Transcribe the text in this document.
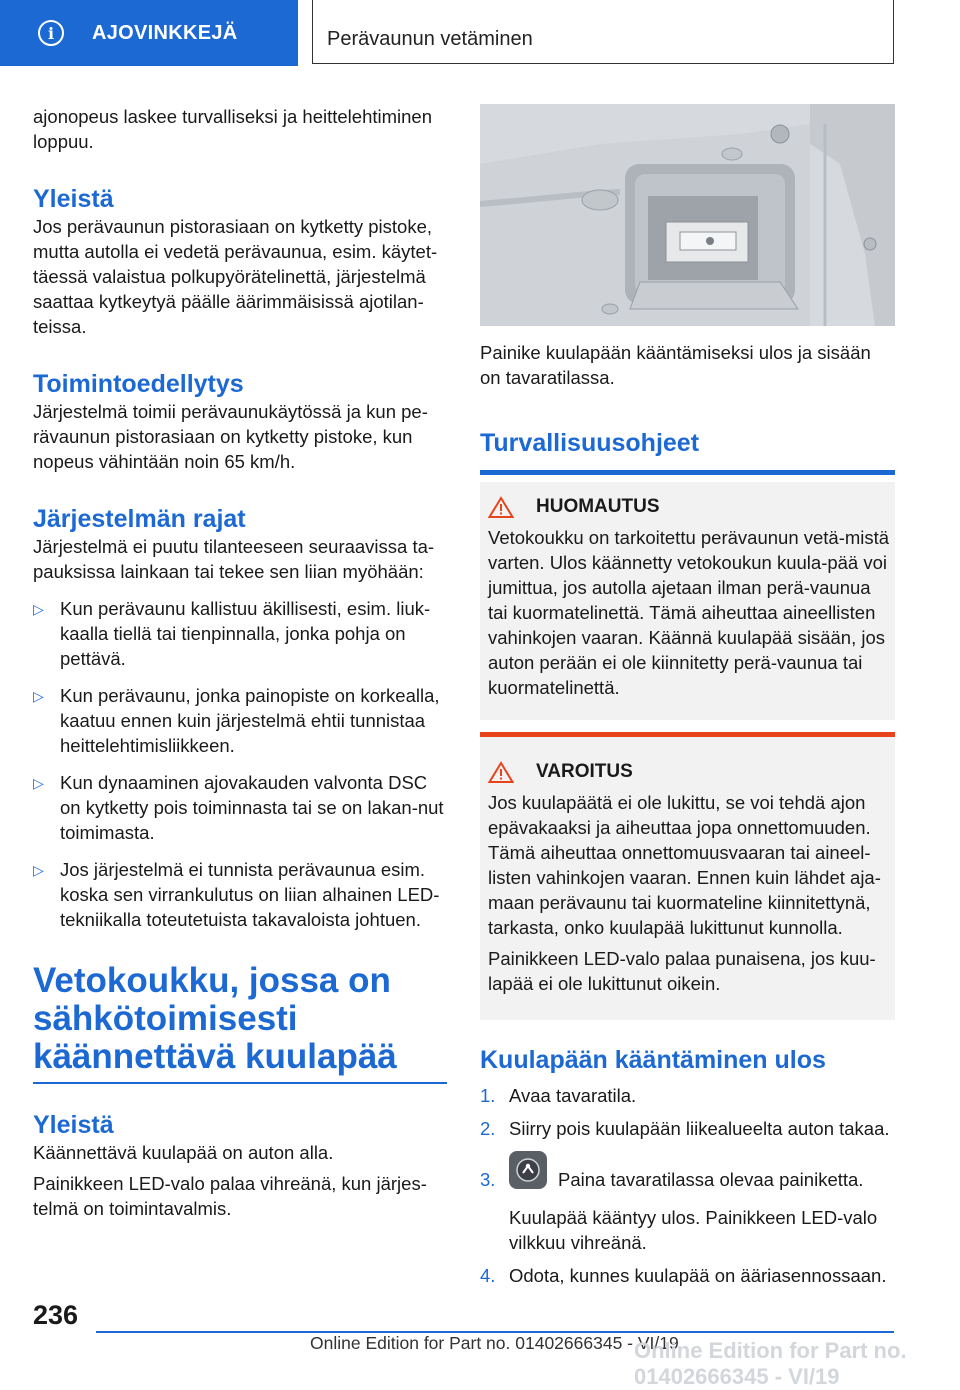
i	AJOVINKKEJÄ	Perävaunun vetäminen

ajonopeus laskee turvalliseksi ja heittelehtiminen loppuu.

Yleistä

Jos perävaunun pistorasiaan on kytketty pistoke, mutta autolla ei vedetä perävaunua, esim. käytet-täessä valaistua polkupyörätelinettä, järjestelmä saattaa kytkeytyä päälle äärimmäisissä ajotilan-teissa.

Toimintoedellytys

Järjestelmä toimii perävaunukäytössä ja kun pe-rävaunun pistorasiaan on kytketty pistoke, kun nopeus vähintään noin 65 km/h.

Järjestelmän rajat

Järjestelmä ei puutu tilanteeseen seuraavissa ta-pauksissa lainkaan tai tekee sen liian myöhään:

▷ Kun perävaunu kallistuu äkillisesti, esim. liuk-kaalla tiellä tai tienpinnalla, jonka pohja on pettävä.
▷ Kun perävaunu, jonka painopiste on korkealla, kaatuu ennen kuin järjestelmä ehtii tunnistaa heittelehtimisliikkeen.
▷ Kun dynaaminen ajovakauden valvonta DSC on kytketty pois toiminnasta tai se on lakan-nut toimimasta.
▷ Jos järjestelmä ei tunnista perävaunua esim. koska sen virrankulutus on liian alhainen LED-tekniikalla toteutetuista takavaloista johtuen.
Vetokoukku, jossa on sähkötoimisesti käännettävä kuulapää

Yleistä

Käännettävä kuulapää on auton alla.

Painikkeen LED-valo palaa vihreänä, kun järjes-telmä on toimintavalmis.

Painike kuulapään kääntämiseksi ulos ja sisään on tavaratilassa.

Turvallisuusohjeet

HUOMAUTUS

Vetokoukku on tarkoitettu perävaunun vetä-mistä varten. Ulos käännetty vetokoukun kuula-pää voi jumittua, jos autolla ajetaan ilman perä-vaunua tai kuormatelinettä. Tämä aiheuttaa aineellisten vahinkojen vaaran. Käännä kuulapää sisään, jos auton perään ei ole kiinnitetty perä-vaunua tai kuormatelinettä.

VAROITUS

Jos kuulapäätä ei ole lukittu, se voi tehdä ajon epävakaaksi ja aiheuttaa jopa onnettomuuden. Tämä aiheuttaa onnettomuusvaaran tai aineel-listen vahinkojen vaaran. Ennen kuin lähdet aja-maan perävaunu tai kuormateline kiinnitettynä, tarkasta, onko kuulapää lukittunut kunnolla.

Painikkeen LED-valo palaa punaisena, jos kuu-lapää ei ole lukittunut oikein.

Kuulapään kääntäminen ulos

1. Avaa tavaratila.
2. Siirry pois kuulapään liikealueelta auton takaa.
3.	Paina tavaratilassa olevaa painiketta.

Kuulapää kääntyy ulos. Painikkeen LED-valo vilkkuu vihreänä.

4. Odota, kunnes kuulapää on ääriasennossaan.
236
Online Edition for Part no. 01402666345 - VI/19
Online Edition for Part no. 01402666345 - VI/19
